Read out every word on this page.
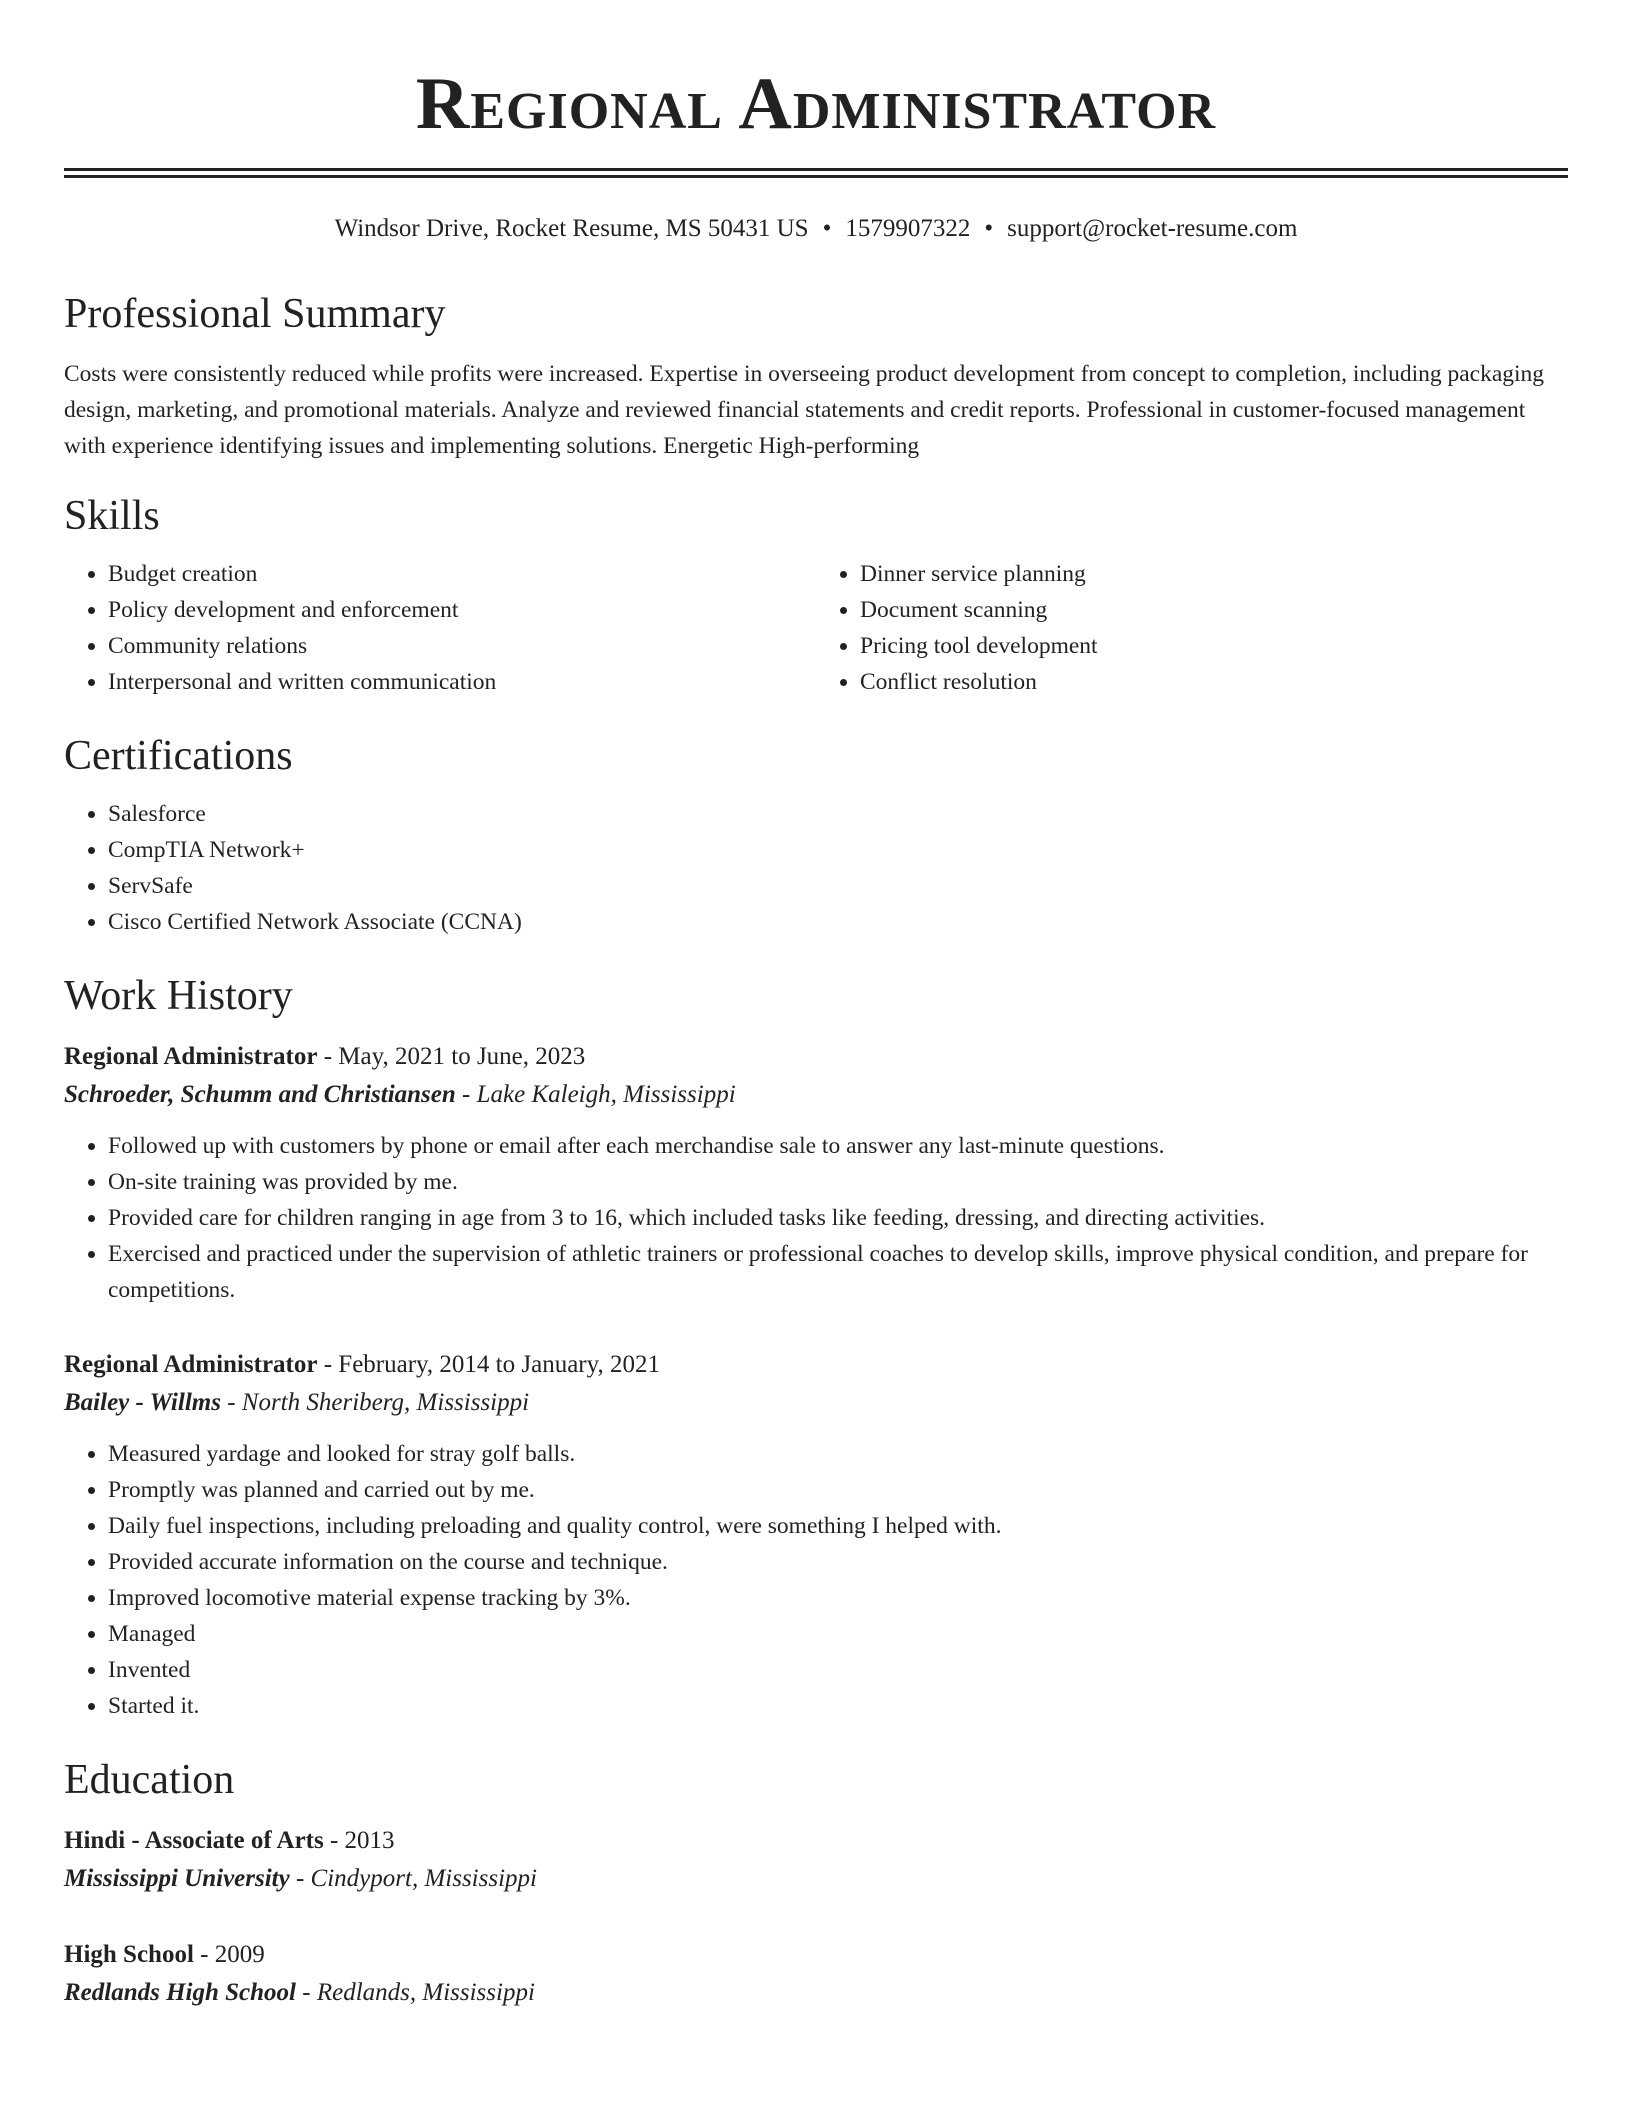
Regional Administrator
Windsor Drive, Rocket Resume, MS 50431 US • 1579907322 • support@rocket-resume.com
Professional Summary
Costs were consistently reduced while profits were increased. Expertise in overseeing product development from concept to completion, including packaging design, marketing, and promotional materials. Analyze and reviewed financial statements and credit reports. Professional in customer-focused management with experience identifying issues and implementing solutions. Energetic High-performing
Skills
• Budget creation
• Policy development and enforcement
• Community relations
• Interpersonal and written communication
• Dinner service planning
• Document scanning
• Pricing tool development
• Conflict resolution
Certifications
• Salesforce
• CompTIA Network+
• ServSafe
• Cisco Certified Network Associate (CCNA)
Work History
Regional Administrator - May, 2021 to June, 2023
Schroeder, Schumm and Christiansen - Lake Kaleigh, Mississippi
• Followed up with customers by phone or email after each merchandise sale to answer any last-minute questions.
• On-site training was provided by me.
• Provided care for children ranging in age from 3 to 16, which included tasks like feeding, dressing, and directing activities.
• Exercised and practiced under the supervision of athletic trainers or professional coaches to develop skills, improve physical condition, and prepare for competitions.
Regional Administrator - February, 2014 to January, 2021
Bailey - Willms - North Sheriberg, Mississippi
• Measured yardage and looked for stray golf balls.
• Promptly was planned and carried out by me.
• Daily fuel inspections, including preloading and quality control, were something I helped with.
• Provided accurate information on the course and technique.
• Improved locomotive material expense tracking by 3%.
• Managed
• Invented
• Started it.
Education
Hindi - Associate of Arts - 2013
Mississippi University - Cindyport, Mississippi
High School - 2009
Redlands High School - Redlands, Mississippi
